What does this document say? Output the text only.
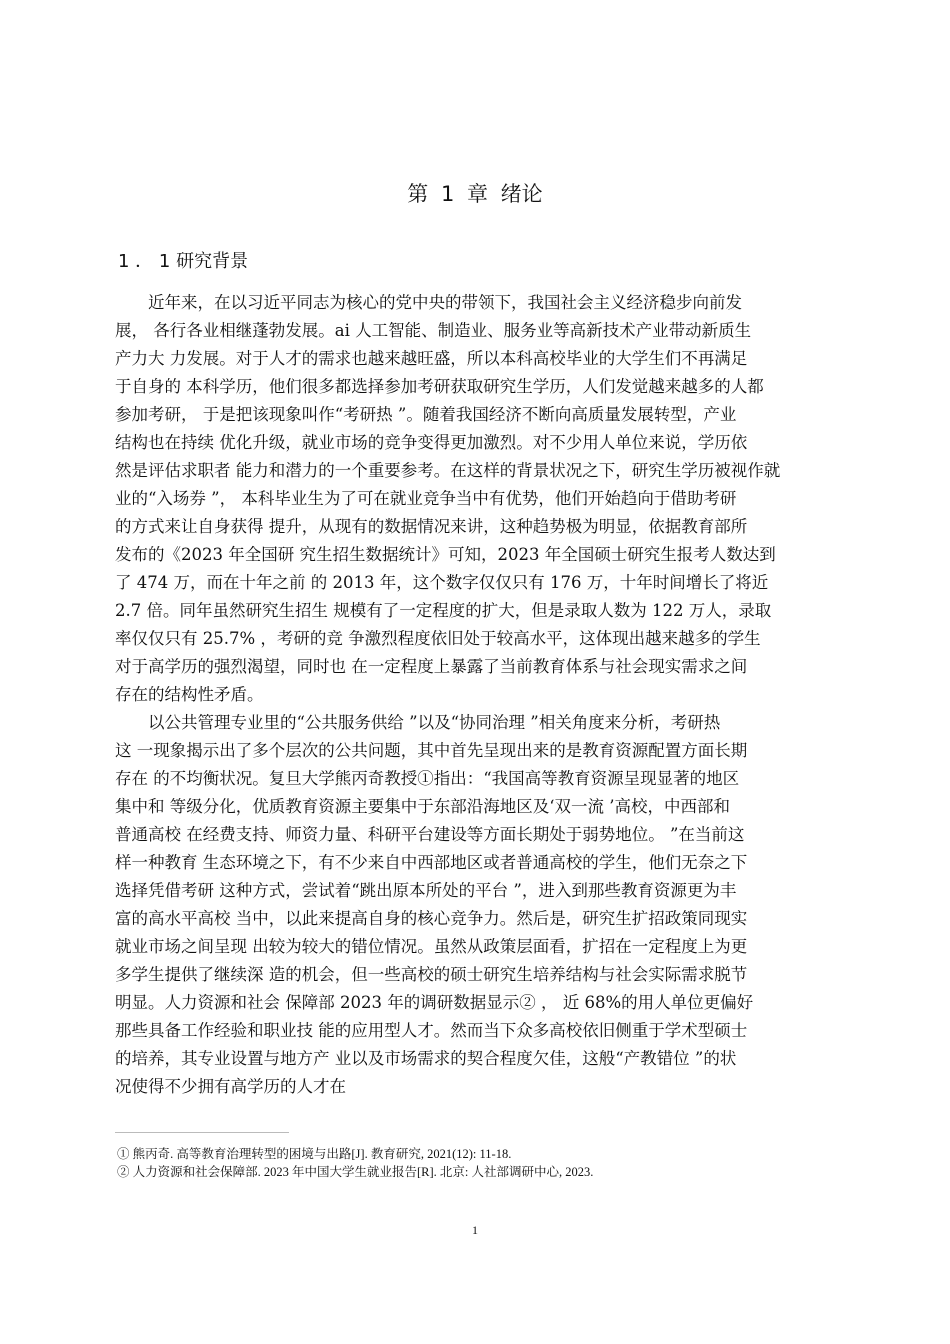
第 1 章 绪论
1 ． 1 研究背景
　　近年来，在以习近平同志为核心的党中央的带领下，我国社会主义经济稳步向前发
展， 各行各业相继蓬勃发展。ai 人工智能、制造业、服务业等高新技术产业带动新质生
产力大 力发展。对于人才的需求也越来越旺盛，所以本科高校毕业的大学生们不再满足
于自身的 本科学历，他们很多都选择参加考研获取研究生学历，人们发觉越来越多的人都
参加考研， 于是把该现象叫作“考研热 ”。随着我国经济不断向高质量发展转型，产业
结构也在持续 优化升级，就业市场的竞争变得更加激烈。对不少用人单位来说，学历依
然是评估求职者 能力和潜力的一个重要参考。在这样的背景状况之下，研究生学历被视作就
业的“入场券 ”， 本科毕业生为了可在就业竞争当中有优势，他们开始趋向于借助考研
的方式来让自身获得 提升，从现有的数据情况来讲，这种趋势极为明显，依据教育部所
发布的《2023 年全国研 究生招生数据统计》可知，2023 年全国硕士研究生报考人数达到
了 474 万，而在十年之前 的 2013 年，这个数字仅仅只有 176 万，十年时间增长了将近
2.7 倍。同年虽然研究生招生 规模有了一定程度的扩大，但是录取人数为 122 万人，录取
率仅仅只有 25.7% ，考研的竞 争激烈程度依旧处于较高水平，这体现出越来越多的学生
对于高学历的强烈渴望，同时也 在一定程度上暴露了当前教育体系与社会现实需求之间
存在的结构性矛盾。
　　以公共管理专业里的“公共服务供给 ”以及“协同治理 ”相关角度来分析，考研热
这 一现象揭示出了多个层次的公共问题，其中首先呈现出来的是教育资源配置方面长期
存在 的不均衡状况。复旦大学熊丙奇教授①指出：“我国高等教育资源呈现显著的地区
集中和 等级分化，优质教育资源主要集中于东部沿海地区及‘双一流 ’高校，中西部和
普通高校 在经费支持、师资力量、科研平台建设等方面长期处于弱势地位。 ”在当前这
样一种教育 生态环境之下，有不少来自中西部地区或者普通高校的学生，他们无奈之下
选择凭借考研 这种方式，尝试着“跳出原本所处的平台 ”，进入到那些教育资源更为丰
富的高水平高校 当中，以此来提高自身的核心竞争力。然后是，研究生扩招政策同现实
就业市场之间呈现 出较为较大的错位情况。虽然从政策层面看，扩招在一定程度上为更
多学生提供了继续深 造的机会，但一些高校的硕士研究生培养结构与社会实际需求脱节
明显。人力资源和社会 保障部 2023 年的调研数据显示② ， 近 68%的用人单位更偏好
那些具备工作经验和职业技 能的应用型人才。然而当下众多高校依旧侧重于学术型硕士
的培养，其专业设置与地方产 业以及市场需求的契合程度欠佳，这般“产教错位 ”的状
况使得不少拥有高学历的人才在
① 熊丙奇. 高等教育治理转型的困境与出路[J]. 教育研究, 2021(12): 11-18.
② 人力资源和社会保障部. 2023 年中国大学生就业报告[R]. 北京: 人社部调研中心, 2023.
1
